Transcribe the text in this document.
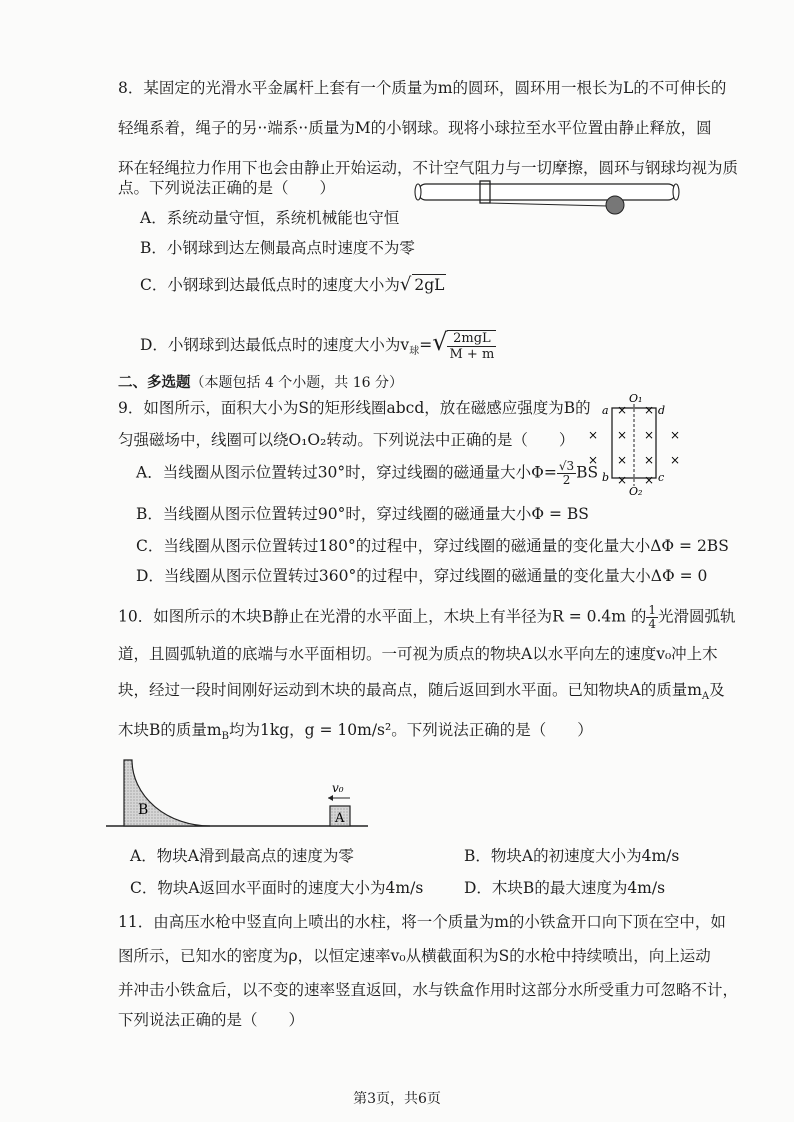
8．某固定的光滑水平金属杆上套有一个质量为m的圆环，圆环用一根长为L的不可伸长的
轻绳系着，绳子的另··端系··质量为M的小钢球。现将小球拉至水平位置由静止释放，圆
环在轻绳拉力作用下也会由静止开始运动，不计空气阻力与一切摩擦，圆环与钢球均视为质
点。下列说法正确的是（　　）
A．系统动量守恒，系统机械能也守恒
B．小钢球到达左侧最高点时速度不为零
C．小钢球到达最低点时的速度大小为√ 2gL
D．小钢球到达最低点时的速度大小为$v_球=√ \frac{\text{2mgL}}{M + m}$
二、多选题（本题包括 4 个小题，共 16 分）
9．如图所示，面积大小为S的矩形线圈abcd，放在磁感应强度为B的
匀强磁场中，线圈可以绕O₁O₂转动。下列说法中正确的是（　　）
A．当线圈从图示位置转过30°时，穿过线圈的磁通量大小$\Phi= \frac{√3}{2}$ BS
B．当线圈从图示位置转过90°时，穿过线圈的磁通量大小Φ = BS
C．当线圈从图示位置转过180°的过程中，穿过线圈的磁通量的变化量大小ΔΦ = 2BS
D．当线圈从图示位置转过360°的过程中，穿过线圈的磁通量的变化量大小ΔΦ = 0
O₁
O₂
a	d
b	c
×
×
×
×
×
×
×
×
×
×
×
×
10．如图所示的木块B静止在光滑的水平面上，木块上有半径为R = 0.4m 的 $\frac{1}{4}$ 光滑圆弧轨
道，且圆弧轨道的底端与水平面相切。一可视为质点的物块A以水平向左的速度v₀冲上木
块，经过一段时间刚好运动到木块的最高点，随后返回到水平面。已知物块A的质量$m_A$及
木块B的质量$m_B$均为1kg，g = 10m/s²。下列说法正确的是（　　）
B
A
v₀
A．物块A滑到最高点的速度为零	B．物块A的初速度大小为4m/s
C．物块A返回水平面时的速度大小为4m/s	D．木块B的最大速度为4m/s
11．由高压水枪中竖直向上喷出的水柱，将一个质量为m的小铁盒开口向下顶在空中，如
图所示，已知水的密度为ρ，以恒定速率v₀从横截面积为S的水枪中持续喷出，向上运动
并冲击小铁盒后，以不变的速率竖直返回，水与铁盒作用时这部分水所受重力可忽略不计，
下列说法正确的是（　　）
第3页，共6页
